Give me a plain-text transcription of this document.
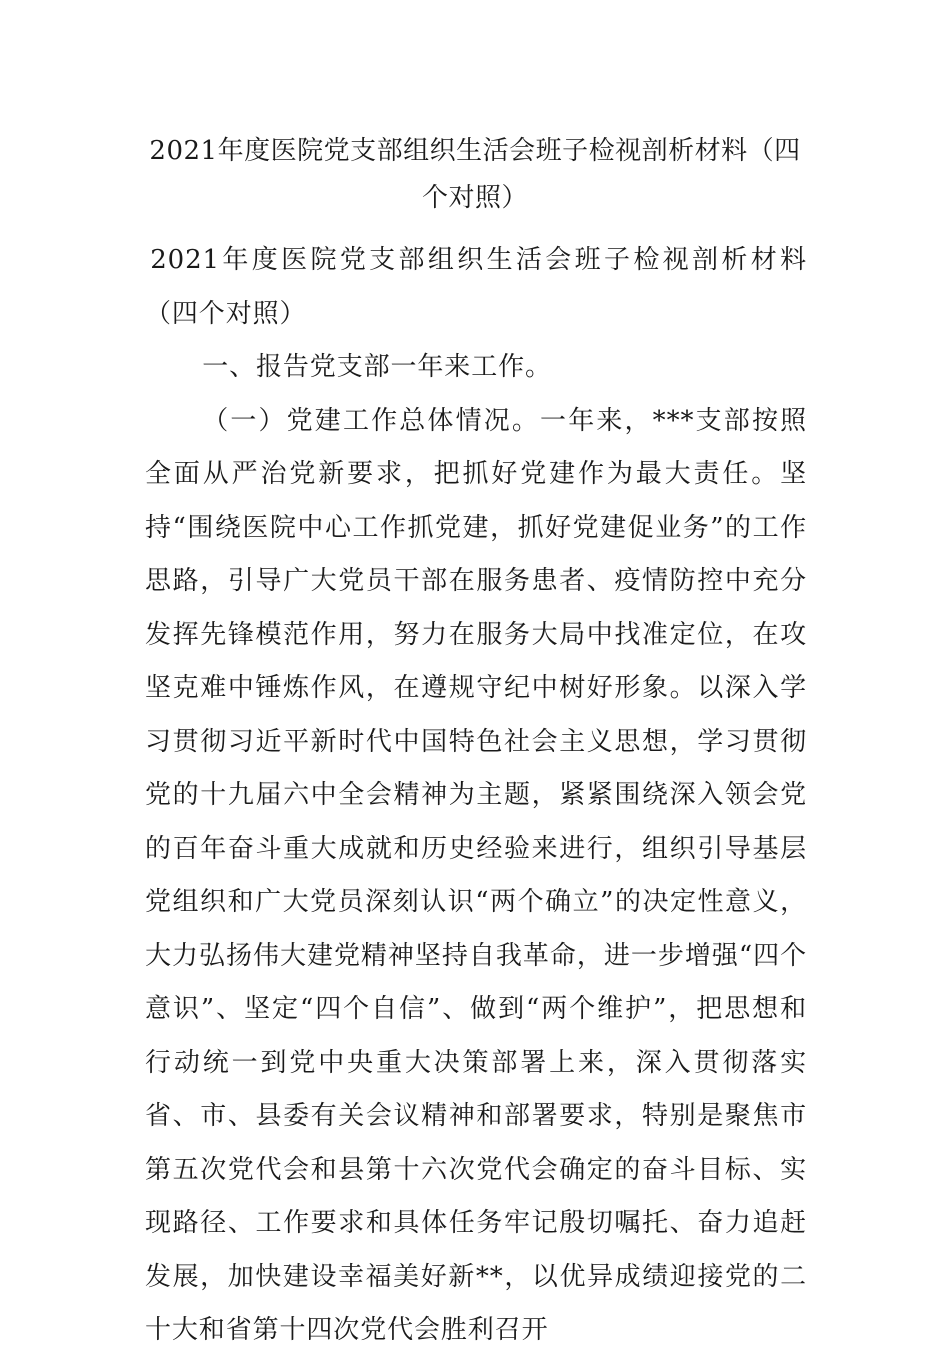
2021年度医院党支部组织生活会班子检视剖析材料（四个对照）

2021年度医院党支部组织生活会班子检视剖析材料（四个对照）

一、报告党支部一年来工作。

（一）党建工作总体情况。一年来，***支部按照全面从严治党新要求，把抓好党建作为最大责任。坚持“围绕医院中心工作抓党建，抓好党建促业务”的工作思路，引导广大党员干部在服务患者、疫情防控中充分发挥先锋模范作用，努力在服务大局中找准定位，在攻坚克难中锤炼作风，在遵规守纪中树好形象。以深入学习贯彻习近平新时代中国特色社会主义思想，学习贯彻党的十九届六中全会精神为主题，紧紧围绕深入领会党的百年奋斗重大成就和历史经验来进行，组织引导基层党组织和广大党员深刻认识“两个确立”的决定性意义，大力弘扬伟大建党精神坚持自我革命，进一步增强“四个意识”、坚定“四个自信”、做到“两个维护”，把思想和行动统一到党中央重大决策部署上来，深入贯彻落实省、市、县委有关会议精神和部署要求，特别是聚焦市第五次党代会和县第十六次党代会确定的奋斗目标、实现路径、工作要求和具体任务牢记殷切嘱托、奋力追赶发展，加快建设幸福美好新**，以优异成绩迎接党的二十大和省第十四次党代会胜利召开
